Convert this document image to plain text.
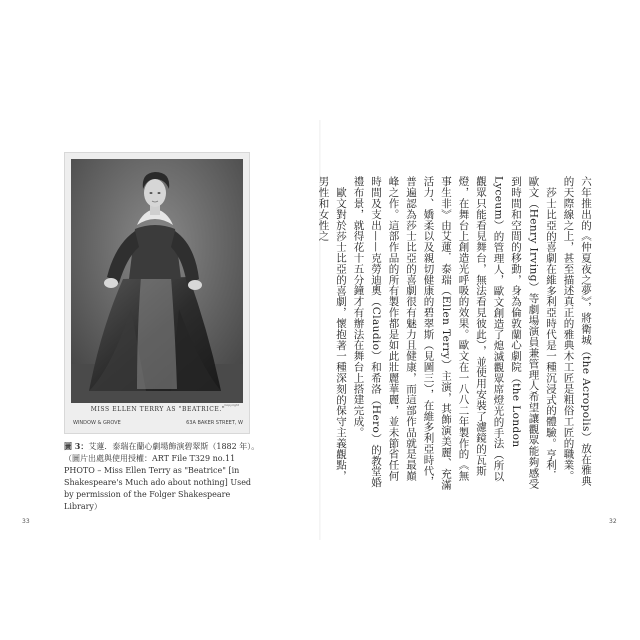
Copyright
MISS ELLEN TERRY AS "BEATRICE."
WINDOW & GROVE	63A BAKER STREET, W
圖 3：艾蓮．泰瑞在蘭心劇場飾演碧翠斯（1882 年）。
（圖片出處與使用授權：ART File T329 no.11 PHOTO – Miss Ellen Terry as "Beatrice" [in Shakespeare's Much ado about nothing] Used by permission of the Folger Shakespeare Library）
33

六年推出的《仲夏夜之夢》，將衛城（the Acropolis）放在雅典的天際線之上，甚至描述真正的雅典木工匠是粗俗工匠的職業。

莎士比亞的喜劇在維多利亞時代是一種沉浸式的體驗。亨利．歐文（Henry Irving）等劇場演員兼管理人希望讓觀眾能夠感受到時間和空間的移動，身為倫敦蘭心劇院（the London Lyceum）的管理人，歐文創造了熄滅觀眾席燈光的手法（所以觀眾只能看見舞台，無法看見彼此），並使用安裝了濾鏡的瓦斯燈，在舞台上創造光呼吸的效果。歐文在一八八二年製作的《無事生非》由艾蓮．泰瑞（Ellen Terry）主演，其飾演美麗、充滿活力、嬌柔以及親切健康的碧翠斯（見圖三），在維多利亞時代，普遍認為莎士比亞的喜劇很有魅力且健康，而這部作品就是最巔峰之作。這部作品的所有製作都是如此壯麗華麗，並未節省任何時間及支出——克勞迪奧（Claudio）和希洛（Hero）的教堂婚禮布景，就得花十五分鐘才有辦法在舞台上搭建完成。

歐文對於莎士比亞的喜劇，懷抱著一種深刻的保守主義觀點，男性和女性之

32
